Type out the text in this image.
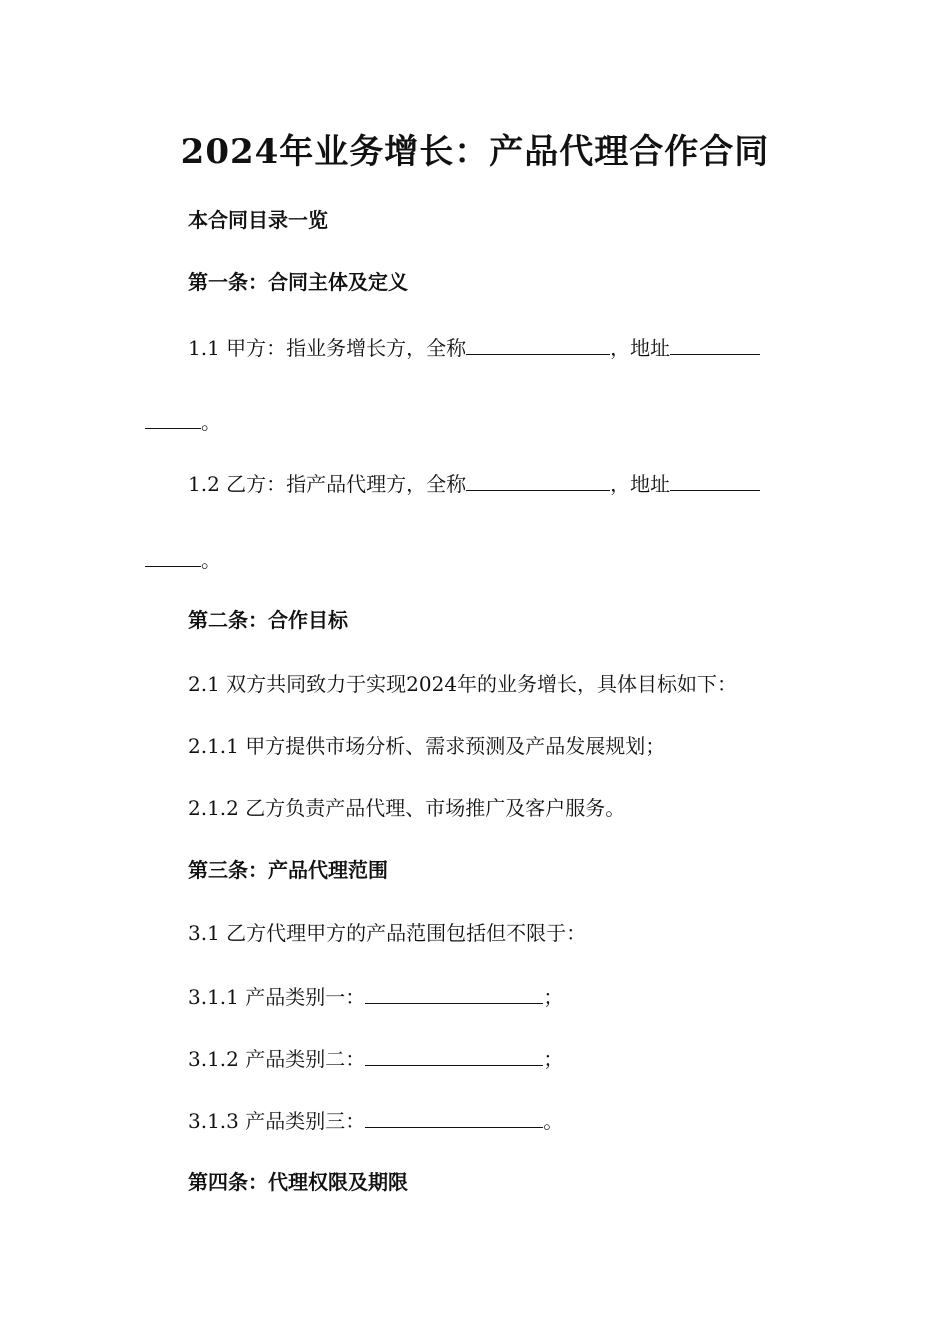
2024年业务增长：产品代理合作合同
本合同目录一览
第一条：合同主体及定义
1.1 甲方：指业务增长方，全称	，地址
。
1.2 乙方：指产品代理方，全称	，地址
。
第二条：合作目标
2.1 双方共同致力于实现2024年的业务增长，具体目标如下：
2.1.1 甲方提供市场分析、需求预测及产品发展规划；
2.1.2 乙方负责产品代理、市场推广及客户服务。
第三条：产品代理范围
3.1 乙方代理甲方的产品范围包括但不限于：
3.1.1 产品类别一：	；
3.1.2 产品类别二：	；
3.1.3 产品类别三：	。
第四条：代理权限及期限
